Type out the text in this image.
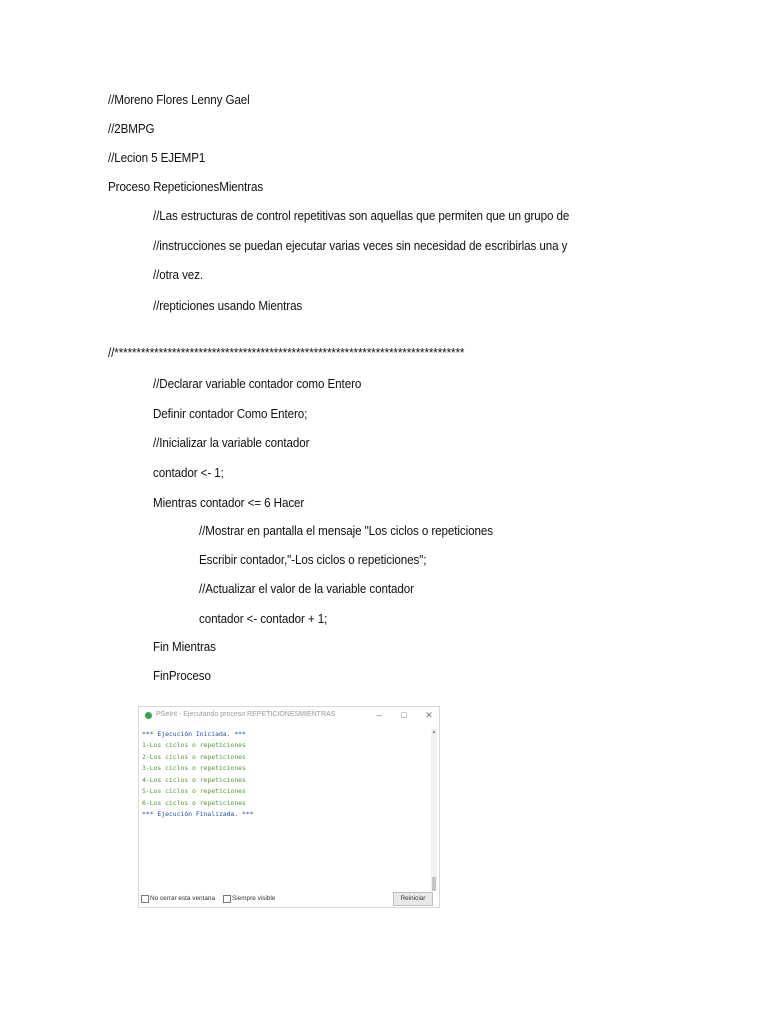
//Moreno Flores Lenny Gael
//2BMPG
//Lecion 5 EJEMP1
Proceso RepeticionesMientras
//Las estructuras de control repetitivas son aquellas que permiten que un grupo de
//instrucciones se puedan ejecutar varias veces sin necesidad de escribirlas una y
//otra vez.
//repticiones usando Mientras
//*******************************************************************************
//Declarar variable contador como Entero
Definir contador Como Entero;
//Inicializar la variable contador
contador <- 1;
Mientras contador <= 6 Hacer
//Mostrar en pantalla el mensaje "Los ciclos o repeticiones
Escribir contador,"-Los ciclos o repeticiones";
//Actualizar el valor de la variable contador
contador <- contador + 1;
Fin Mientras
FinProceso
PSeInt - Ejecutando proceso REPETICIONESMIENTRAS	–	□	✕
*** Ejecución Iniciada. ***
1-Los ciclos o repeticiones
2-Los ciclos o repeticiones
3-Los ciclos o repeticiones
4-Los ciclos o repeticiones
5-Los ciclos o repeticiones
6-Los ciclos o repeticiones
*** Ejecución Finalizada. ***
▲
No cerrar esta ventana	Siempre visible	Reiniciar
